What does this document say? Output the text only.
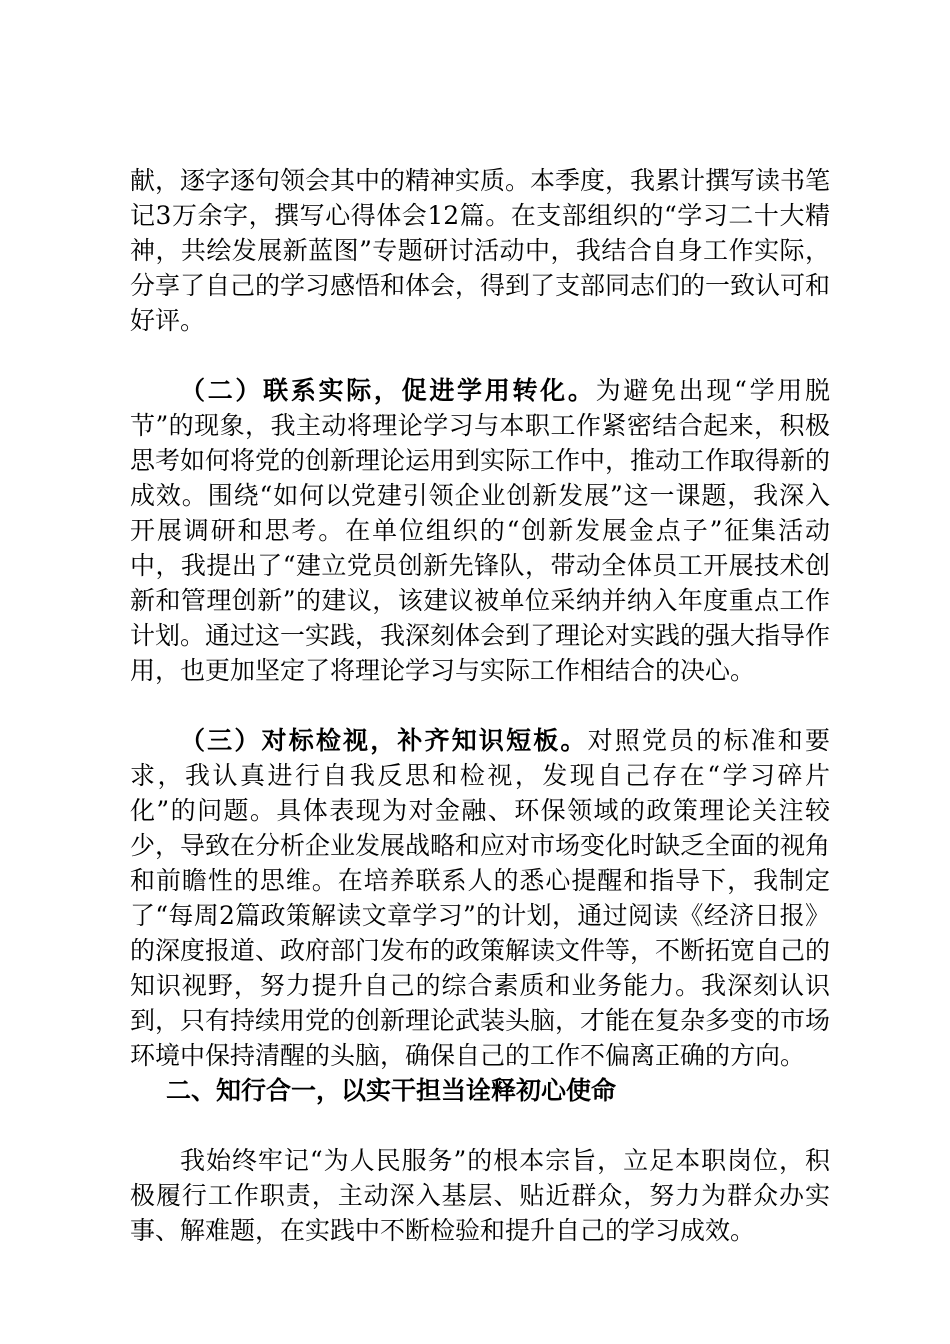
献，逐字逐句领会其中的精神实质。本季度，我累计撰写读书笔记3万余字，撰写心得体会12篇。在支部组织的“学习二十大精神，共绘发展新蓝图”专题研讨活动中，我结合自身工作实际，分享了自己的学习感悟和体会，得到了支部同志们的一致认可和好评。

（二）联系实际，促进学用转化。为避免出现“学用脱节”的现象，我主动将理论学习与本职工作紧密结合起来，积极思考如何将党的创新理论运用到实际工作中，推动工作取得新的成效。围绕“如何以党建引领企业创新发展”这一课题，我深入开展调研和思考。在单位组织的“创新发展金点子”征集活动中，我提出了“建立党员创新先锋队，带动全体员工开展技术创新和管理创新”的建议，该建议被单位采纳并纳入年度重点工作计划。通过这一实践，我深刻体会到了理论对实践的强大指导作用，也更加坚定了将理论学习与实际工作相结合的决心。

（三）对标检视，补齐知识短板。对照党员的标准和要求，我认真进行自我反思和检视，发现自己存在“学习碎片化”的问题。具体表现为对金融、环保领域的政策理论关注较少，导致在分析企业发展战略和应对市场变化时缺乏全面的视角和前瞻性的思维。在培养联系人的悉心提醒和指导下，我制定了“每周2篇政策解读文章学习”的计划，通过阅读《经济日报》的深度报道、政府部门发布的政策解读文件等，不断拓宽自己的知识视野，努力提升自己的综合素质和业务能力。我深刻认识到，只有持续用党的创新理论武装头脑，才能在复杂多变的市场环境中保持清醒的头脑，确保自己的工作不偏离正确的方向。

二、知行合一，以实干担当诠释初心使命

我始终牢记“为人民服务”的根本宗旨，立足本职岗位，积极履行工作职责，主动深入基层、贴近群众，努力为群众办实事、解难题，在实践中不断检验和提升自己的学习成效。
